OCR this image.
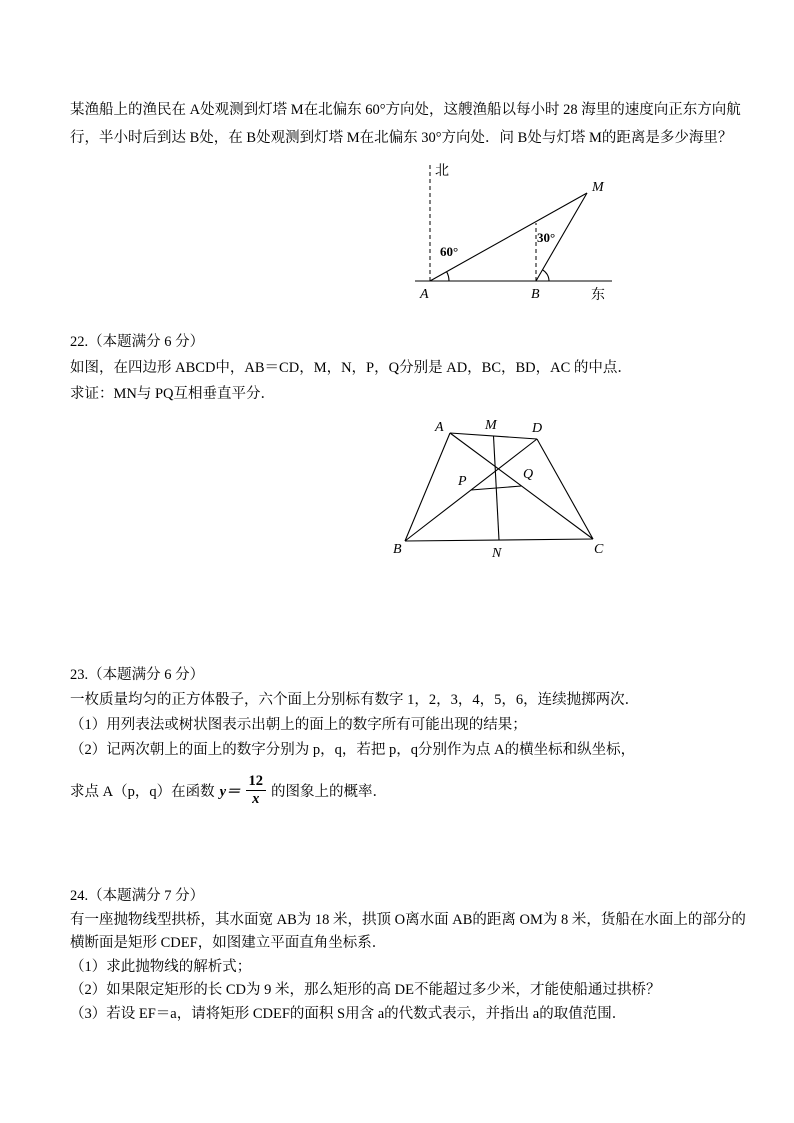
某渔船上的渔民在 A处观测到灯塔 M在北偏东 60°方向处，这艘渔船以每小时 28 海里的速度向正东方向航
行，半小时后到达 B处，在 B处观测到灯塔 M在北偏东 30°方向处．问 B处与灯塔 M的距离是多少海里？
北
M
60°
30°
A	B	东
22.（本题满分 6 分）
如图，在四边形 ABCD中，AB＝CD，M，N，P，Q分别是 AD，BC，BD，AC 的中点．
求证：MN与 PQ互相垂直平分．
A	M	D
Q
P
B	N	C
23.（本题满分 6 分）
一枚质量均匀的正方体骰子，六个面上分别标有数字 1，2，3，4，5，6，连续抛掷两次．
（1）用列表法或树状图表示出朝上的面上的数字所有可能出现的结果；
（2）记两次朝上的面上的数字分别为 p，q，若把 p，q分别作为点 A的横坐标和纵坐标，
求点 A（p，q）在函数 $y= \frac{12}{x}$ 的图象上的概率．
24.（本题满分 7 分）
有一座抛物线型拱桥，其水面宽 AB为 18 米，拱顶 O离水面 AB的距离 OM为 8 米，货船在水面上的部分的
横断面是矩形 CDEF，如图建立平面直角坐标系．
（1）求此抛物线的解析式；
（2）如果限定矩形的长 CD为 9 米，那么矩形的高 DE不能超过多少米，才能使船通过拱桥？
（3）若设 EF＝a，请将矩形 CDEF的面积 S用含 a的代数式表示，并指出 a的取值范围．
